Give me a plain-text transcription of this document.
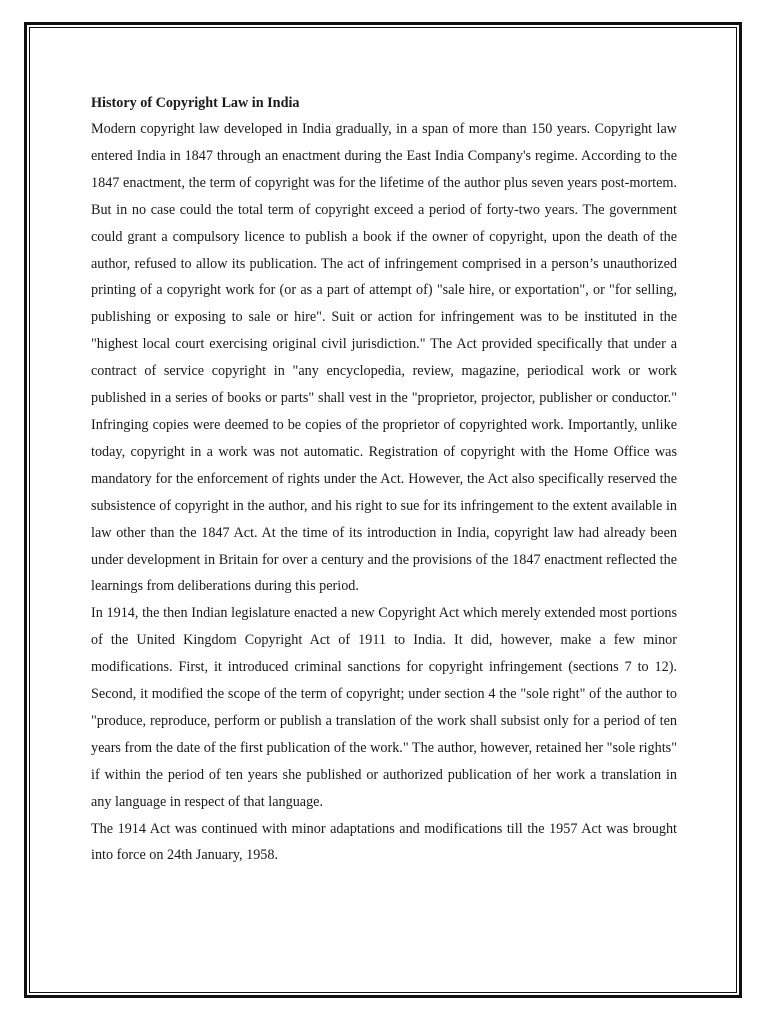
History of Copyright Law in India

Modern copyright law developed in India gradually, in a span of more than 150 years. Copyright law entered India in 1847 through an enactment during the East India Company's regime. According to the 1847 enactment, the term of copyright was for the lifetime of the author plus seven years post-mortem. But in no case could the total term of copyright exceed a period of forty-two years. The government could grant a compulsory licence to publish a book if the owner of copyright, upon the death of the author, refused to allow its publication. The act of infringement comprised in a person’s unauthorized printing of a copyright work for (or as a part of attempt of) "sale hire, or exportation", or "for selling, publishing or exposing to sale or hire". Suit or action for infringement was to be instituted in the "highest local court exercising original civil jurisdiction." The Act provided specifically that under a contract of service copyright in "any encyclopedia, review, magazine, periodical work or work published in a series of books or parts" shall vest in the "proprietor, projector, publisher or conductor." Infringing copies were deemed to be copies of the proprietor of copyrighted work. Importantly, unlike today, copyright in a work was not automatic. Registration of copyright with the Home Office was mandatory for the enforcement of rights under the Act. However, the Act also specifically reserved the subsistence of copyright in the author, and his right to sue for its infringement to the extent available in law other than the 1847 Act. At the time of its introduction in India, copyright law had already been under development in Britain for over a century and the provisions of the 1847 enactment reflected the learnings from deliberations during this period.

In 1914, the then Indian legislature enacted a new Copyright Act which merely extended most portions of the United Kingdom Copyright Act of 1911 to India. It did, however, make a few minor modifications. First, it introduced criminal sanctions for copyright infringement (sections 7 to 12). Second, it modified the scope of the term of copyright; under section 4 the "sole right" of the author to "produce, reproduce, perform or publish a translation of the work shall subsist only for a period of ten years from the date of the first publication of the work." The author, however, retained her "sole rights" if within the period of ten years she published or authorized publication of her work a translation in any language in respect of that language.

The 1914 Act was continued with minor adaptations and modifications till the 1957 Act was brought into force on 24th January, 1958.
